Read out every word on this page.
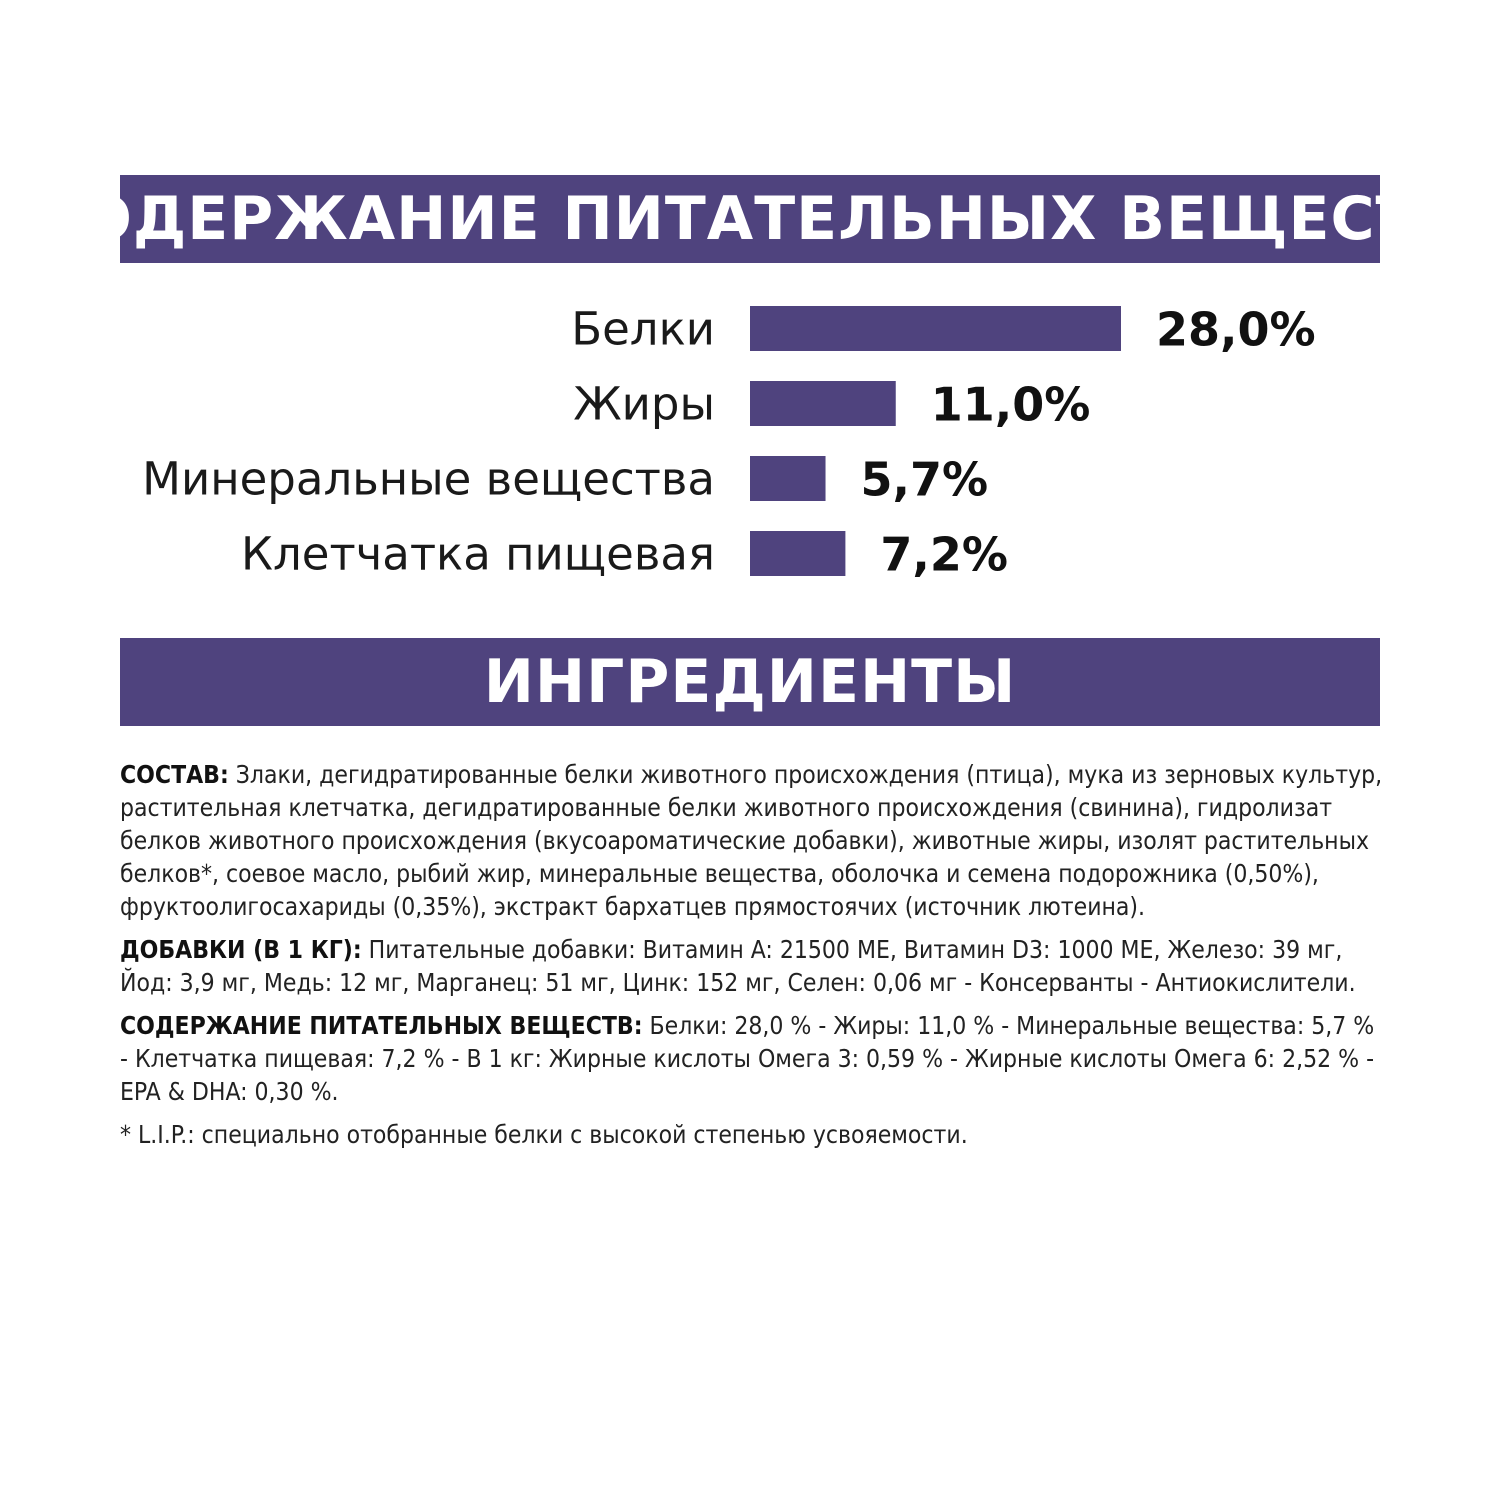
СОДЕРЖАНИЕ ПИТАТЕЛЬНЫХ ВЕЩЕСТВ
Белки	28,0%
Жиры	11,0%
Минеральные вещества	5,7%
Клетчатка пищевая	7,2%
ИНГРЕДИЕНТЫ

СОСТАВ: Злаки, дегидратированные белки животного происхождения (птица), мука из зерновых культур, растительная клетчатка, дегидратированные белки животного происхождения (свинина), гидролизат белков животного происхождения (вкусоароматические добавки), животные жиры, изолят растительных белков*, соевое масло, рыбий жир, минеральные вещества, оболочка и семена подорожника (0,50%), фруктоолигосахариды (0,35%), экстракт бархатцев прямостоячих (источник лютеина).

ДОБАВКИ (В 1 КГ): Питательные добавки: Витамин A: 21500 МЕ, Витамин D3: 1000 МЕ, Железо: 39 мг, Йод: 3,9 мг, Медь: 12 мг, Марганец: 51 мг, Цинк: 152 мг, Селен: 0,06 мг - Консерванты - Антиокислители.

СОДЕРЖАНИЕ ПИТАТЕЛЬНЫХ ВЕЩЕСТВ: Белки: 28,0 % - Жиры: 11,0 % - Минеральные вещества: 5,7 % - Клетчатка пищевая: 7,2 % - В 1 кг: Жирные кислоты Омега 3: 0,59 % - Жирные кислоты Омега 6: 2,52 % - EPA & DHA: 0,30 %.

* L.I.P.: специально отобранные белки с высокой степенью усвояемости.
